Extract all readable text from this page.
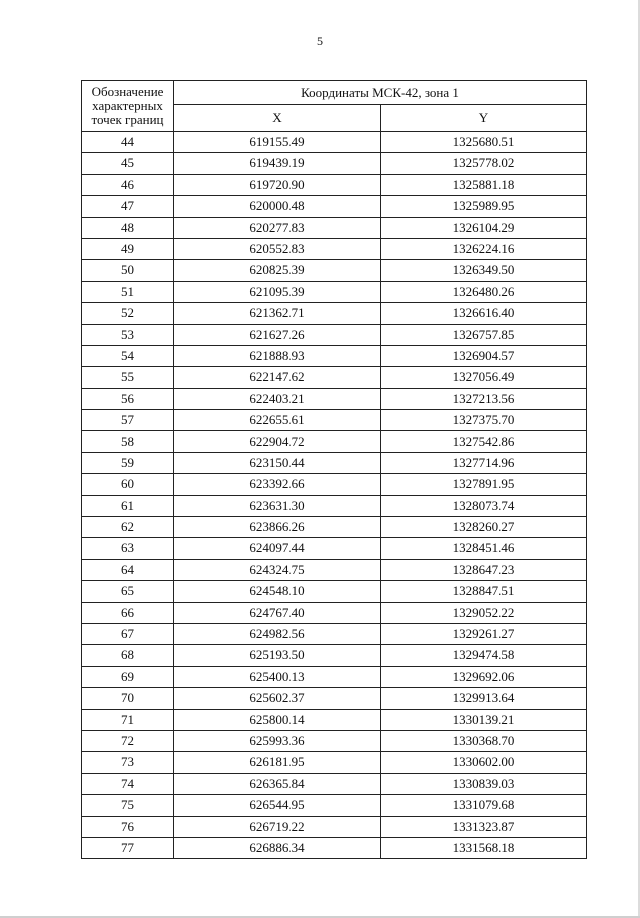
5
Обозначение характерных точек границ	Координаты МСК-42, зона 1	
	X	Y
44	619155.49	1325680.51
45	619439.19	1325778.02
46	619720.90	1325881.18
47	620000.48	1325989.95
48	620277.83	1326104.29
49	620552.83	1326224.16
50	620825.39	1326349.50
51	621095.39	1326480.26
52	621362.71	1326616.40
53	621627.26	1326757.85
54	621888.93	1326904.57
55	622147.62	1327056.49
56	622403.21	1327213.56
57	622655.61	1327375.70
58	622904.72	1327542.86
59	623150.44	1327714.96
60	623392.66	1327891.95
61	623631.30	1328073.74
62	623866.26	1328260.27
63	624097.44	1328451.46
64	624324.75	1328647.23
65	624548.10	1328847.51
66	624767.40	1329052.22
67	624982.56	1329261.27
68	625193.50	1329474.58
69	625400.13	1329692.06
70	625602.37	1329913.64
71	625800.14	1330139.21
72	625993.36	1330368.70
73	626181.95	1330602.00
74	626365.84	1330839.03
75	626544.95	1331079.68
76	626719.22	1331323.87
77	626886.34	1331568.18
